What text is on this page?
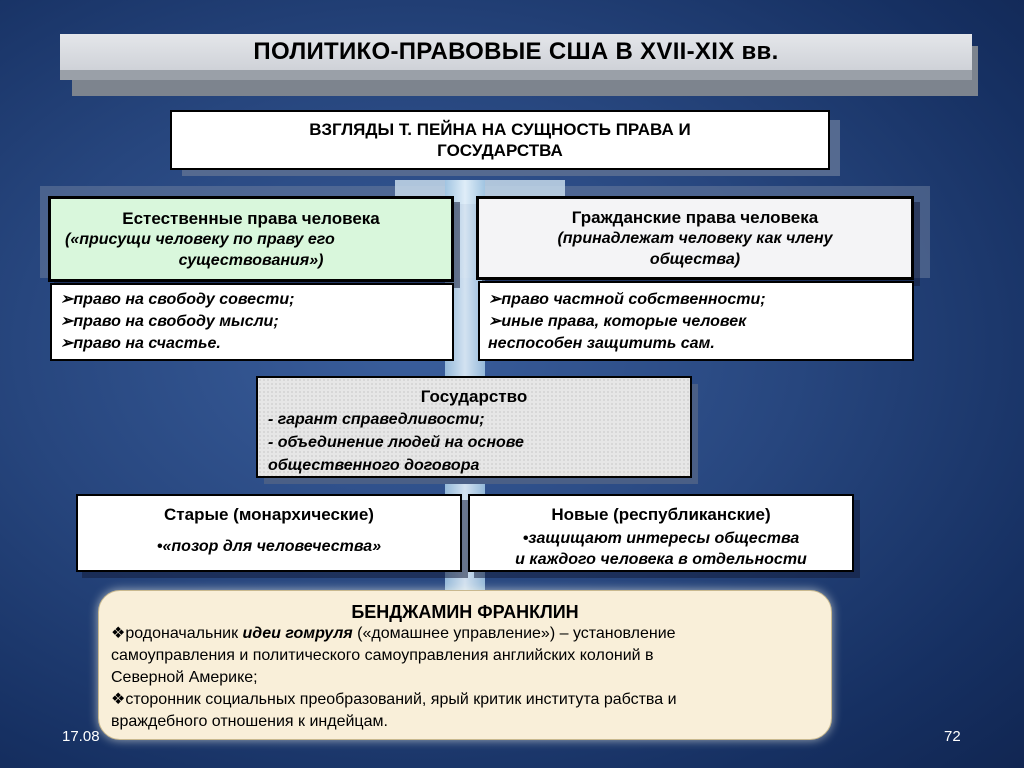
ПОЛИТИКО-ПРАВОВЫЕ США В XVII-XIX вв.
ВЗГЛЯДЫ Т. ПЕЙНА НА СУЩНОСТЬ ПРАВА И
ГОСУДАРСТВА
Естественные права человека
(«присущи человеку по праву его
существования»)
Гражданские права человека
(принадлежат человеку как члену
общества)
➢право на свободу совести;
➢право на свободу мысли;
➢право на счастье.
➢право частной собственности;
➢иные права, которые человек
неспособен защитить сам.
Государство
- гарант справедливости;
- объединение людей на основе
общественного договора
Старые (монархические)
•«позор для человечества»
Новые (республиканские)
•защищают интересы общества
и каждого человека в отдельности
БЕНДЖАМИН ФРАНКЛИН
❖родоначальник идеи гомруля («домашнее управление») – установление
самоуправления и политического самоуправления английских колоний в
Северной Америке;
❖сторонник социальных преобразований, ярый критик института рабства и
враждебного отношения к индейцам.
17.08	72
